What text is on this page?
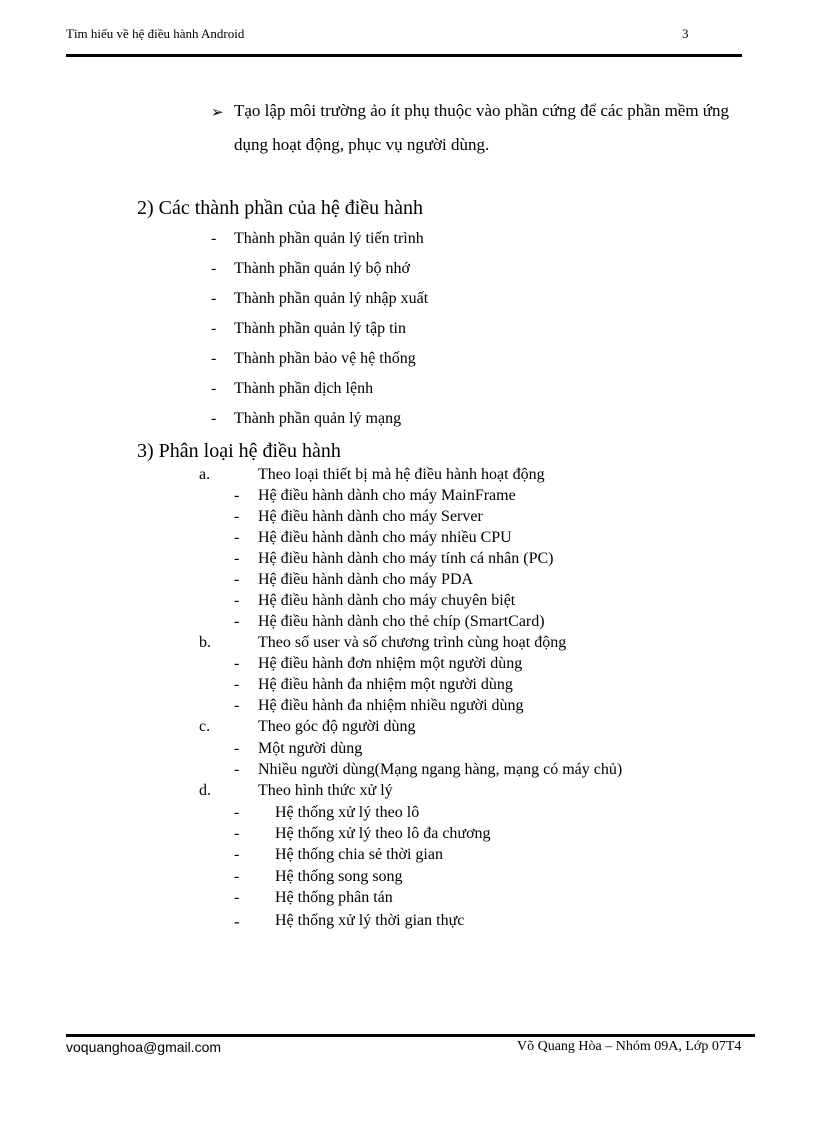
Tìm hiểu về hệ điều hành Android	3
➢ Tạo lập môi trường ảo ít phụ thuộc vào phần cứng để các phần mềm ứng
dụng hoạt động, phục vụ người dùng.
2) Các thành phần của hệ điều hành
- Thành phần quản lý tiến trình
- Thành phần quản lý bộ nhớ
- Thành phần quản lý nhập xuất
- Thành phần quản lý tập tin
- Thành phần bảo vệ hệ thống
- Thành phần dịch lệnh
- Thành phần quản lý mạng
3) Phân loại hệ điều hành
a.	Theo loại thiết bị mà hệ điều hành hoạt động
- Hệ điều hành dành cho máy MainFrame
- Hệ điều hành dành cho máy Server
- Hệ điều hành dành cho máy nhiều CPU
- Hệ điều hành dành cho máy tính cá nhân (PC)
- Hệ điều hành dành cho máy PDA
- Hệ điều hành dành cho máy chuyên biệt
- Hệ điều hành dành cho thẻ chíp (SmartCard)
b.	Theo số user và số chương trình cùng hoạt động
- Hệ điều hành đơn nhiệm một người dùng
- Hệ điều hành đa nhiệm một người dùng
- Hệ điều hành đa nhiệm nhiều người dùng
c.	Theo góc độ người dùng
- Một người dùng
- Nhiều người dùng(Mạng ngang hàng, mạng có máy chủ)
d.	Theo hình thức xử lý
- Hệ thống xử lý theo lô
- Hệ thống xử lý theo lô đa chương
- Hệ thống chia sẻ thời gian
- Hệ thống song song
- Hệ thống phân tán
- Hệ thống xử lý thời gian thực
voquanghoa@gmail.com	Võ Quang Hòa – Nhóm 09A, Lớp 07T4
